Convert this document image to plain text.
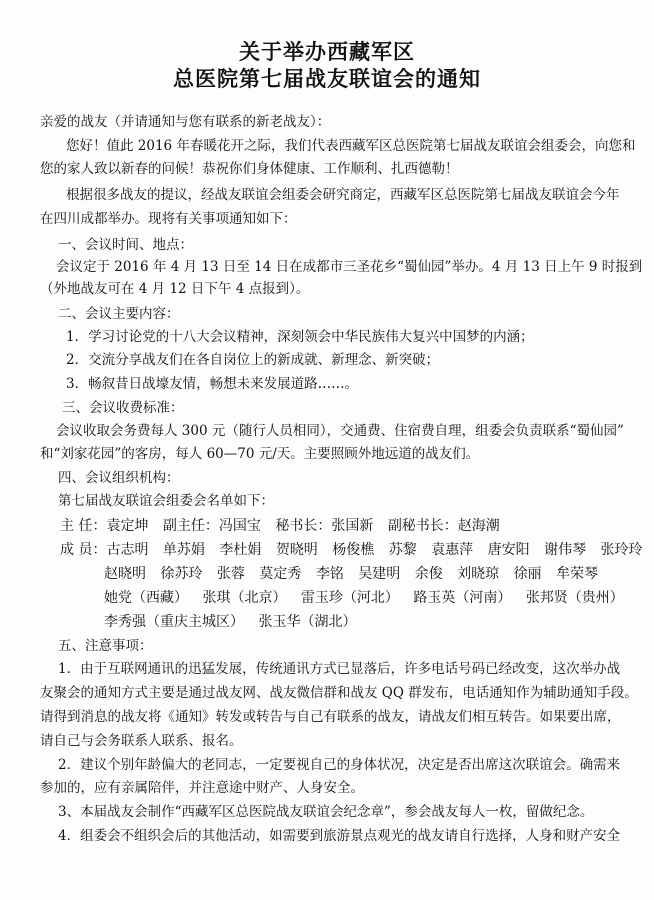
关于举办西藏军区
总医院第七届战友联谊会的通知
亲爱的战友（并请通知与您有联系的新老战友）：
您好！值此 2016 年春暖花开之际，我们代表西藏军区总医院第七届战友联谊会组委会，向您和
您的家人致以新春的问候！恭祝你们身体健康、工作顺利、扎西德勒！
根据很多战友的提议，经战友联谊会组委会研究商定，西藏军区总医院第七届战友联谊会今年
在四川成都举办。现将有关事项通知如下：
一、会议时间、地点：
会议定于 2016 年 4 月 13 日至 14 日在成都市三圣花乡“蜀仙园”举办。4 月 13 日上午 9 时报到
（外地战友可在 4 月 12 日下午 4 点报到）。
二、会议主要内容：
1．学习讨论党的十八大会议精神，深刻领会中华民族伟大复兴中国梦的内涵；
2．交流分享战友们在各自岗位上的新成就、新理念、新突破；
3．畅叙昔日战壕友情，畅想未来发展道路……。
三、会议收费标准：
会议收取会务费每人 300 元（随行人员相同），交通费、住宿费自理，组委会负责联系“蜀仙园”
和“刘家花园”的客房，每人 60—70 元/天。主要照顾外地远道的战友们。
四、会议组织机构：
第七届战友联谊会组委会名单如下：
主 任：袁定坤 副主任：冯国宝 秘书长：张国新 副秘书长：赵海潮
成 员：古志明 单苏娟 李杜娟 贺晓明 杨俊樵 苏黎 袁惠萍 唐安阳 谢伟琴 张玲玲
赵晓明 徐苏玲 张蓉 莫定秀 李铭 吴建明 余俊 刘晓琼 徐丽 牟荣琴
她党（西藏） 张琪（北京） 雷玉珍（河北） 路玉英（河南） 张邦贤（贵州）
李秀强（重庆主城区） 张玉华（湖北）
五、注意事项：
1．由于互联网通讯的迅猛发展，传统通讯方式已显落后，许多电话号码已经改变，这次举办战
友聚会的通知方式主要是通过战友网、战友微信群和战友 QQ 群发布，电话通知作为辅助通知手段。
请得到消息的战友将《通知》转发或转告与自己有联系的战友，请战友们相互转告。如果要出席，
请自己与会务联系人联系、报名。
2．建议个别年龄偏大的老同志，一定要视自己的身体状况，决定是否出席这次联谊会。确需来
参加的，应有亲属陪伴，并注意途中财产、人身安全。
3、本届战友会制作“西藏军区总医院战友联谊会纪念章”，参会战友每人一枚，留做纪念。
4．组委会不组织会后的其他活动，如需要到旅游景点观光的战友请自行选择，人身和财产安全
